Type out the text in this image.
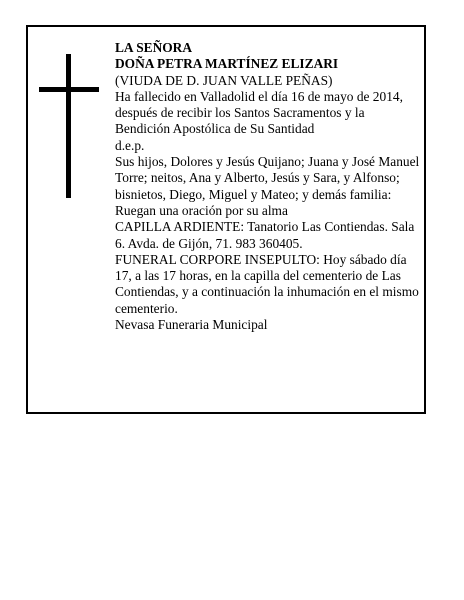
LA SEÑORA
DOÑA PETRA MARTÍNEZ ELIZARI
(VIUDA DE D. JUAN VALLE PEÑAS)
Ha fallecido en Valladolid el día 16 de mayo de 2014, después de recibir los Santos Sacramentos y la Bendición Apostólica de Su Santidad
d.e.p.
Sus hijos, Dolores y Jesús Quijano; Juana y José Manuel Torre; neitos, Ana y Alberto, Jesús y Sara, y Alfonso; bisnietos, Diego, Miguel y Mateo; y demás familia:
Ruegan una oración por su alma
CAPILLA ARDIENTE: Tanatorio Las Contiendas. Sala 6. Avda. de Gijón, 71. 983 360405.
FUNERAL CORPORE INSEPULTO: Hoy sábado día 17, a las 17 horas, en la capilla del cementerio de Las Contiendas, y a continuación la inhumación en el mismo cementerio.
Nevasa Funeraria Municipal
